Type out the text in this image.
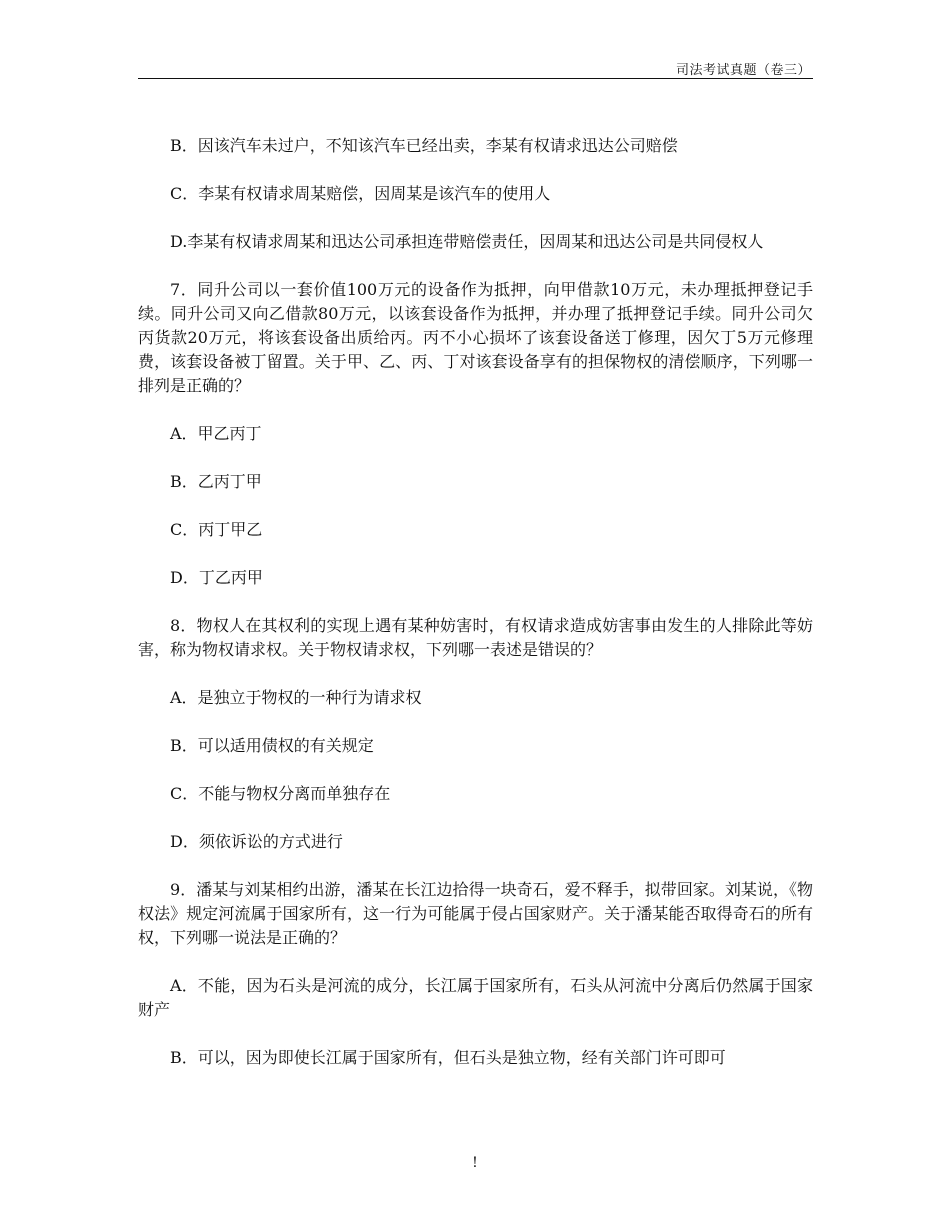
司法考试真题（卷三）

B．因该汽车未过户，不知该汽车已经出卖，李某有权请求迅达公司赔偿

C．李某有权请求周某赔偿，因周某是该汽车的使用人

D.李某有权请求周某和迅达公司承担连带赔偿责任，因周某和迅达公司是共同侵权人

7．同升公司以一套价值100万元的设备作为抵押，向甲借款10万元，未办理抵押登记手续。同升公司又向乙借款80万元，以该套设备作为抵押，并办理了抵押登记手续。同升公司欠丙货款20万元，将该套设备出质给丙。丙不小心损坏了该套设备送丁修理，因欠丁5万元修理费，该套设备被丁留置。关于甲、乙、丙、丁对该套设备享有的担保物权的清偿顺序，下列哪一排列是正确的？

A．甲乙丙丁

B．乙丙丁甲

C．丙丁甲乙

D．丁乙丙甲

8．物权人在其权利的实现上遇有某种妨害时，有权请求造成妨害事由发生的人排除此等妨害，称为物权请求权。关于物权请求权，下列哪一表述是错误的？

A．是独立于物权的一种行为请求权

B．可以适用债权的有关规定

C．不能与物权分离而单独存在

D．须依诉讼的方式进行

9．潘某与刘某相约出游，潘某在长江边拾得一块奇石，爱不释手，拟带回家。刘某说，《物权法》规定河流属于国家所有，这一行为可能属于侵占国家财产。关于潘某能否取得奇石的所有权，下列哪一说法是正确的？

A．不能，因为石头是河流的成分，长江属于国家所有，石头从河流中分离后仍然属于国家财产

B．可以，因为即使长江属于国家所有，但石头是独立物，经有关部门许可即可

!
